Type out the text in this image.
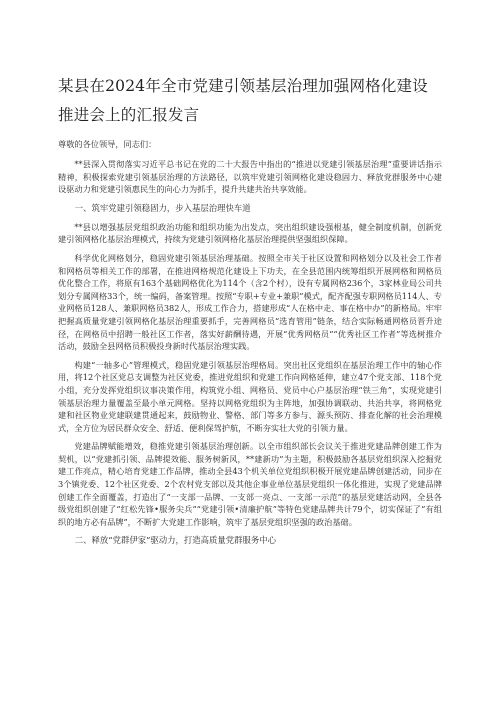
某县在2024年全市党建引领基层治理加强网格化建设推进会上的汇报发言

尊敬的各位领导，同志们：

**县深入贯彻落实习近平总书记在党的二十大报告中指出的“推进以党建引领基层治理”重要讲话指示精神，积极探索党建引领基层治理的方法路径，以筑牢党建引领网格化建设稳固力、释放党群服务中心建设驱动力和党建引领惠民生的向心力为抓手，提升共建共治共享效能。

一、筑牢党建引领稳固力，步入基层治理快车道

**县以增强基层党组织政治功能和组织功能为出发点，突出组织建设强根基，健全制度机制，创新党建引领网格化基层治理模式，持续为党建引领网格化基层治理提供坚强组织保障。

科学优化网格划分，稳固党建引领基层治理基础。按照全市关于社区设置和网格划分以及社会工作者和网格员等相关工作的部署，在推进网格规范化建设上下功夫，在全县范围内统筹组织开展网格和网格员优化整合工作，将原有163个基础网格优化为114个（含2个村），设有专属网格236个，3家林业局公司共划分专属网格33个，统一编码，备案管理。按照“专职+专业+兼职”模式，配齐配强专职网格员114人、专业网格员128人、兼职网格员382人，形成工作合力，搭建形成“人在格中走、事在格中办”的新格局。牢牢把握高质量党建引领网格化基层治理重要抓手，完善网格员“选育管用”链条，结合实际畅通网格员晋升途径，在网格员中招聘一般社区工作者，落实好薪酬待遇，开展“优秀网格员”“优秀社区工作者”等选树推介活动，鼓励全县网格员积极投身新时代基层治理实践。

构建“一轴多心”管理模式，稳固党建引领基层治理格局。突出社区党组织在基层治理工作中的轴心作用，将12个社区党总支调整为社区党委，推进党组织和党建工作向网格延伸，建立47个党支部、118个党小组，充分发挥党组织议事决策作用，构筑党小组、网格员、党员中心户基层治理“铁三角”，实现党建引领基层治理力量覆盖至最小单元网格。坚持以网格党组织为主阵地，加强协调联动、共治共享，将网格党建和社区物业党建联建贯通起来，鼓励物业、警格、部门等多方参与、源头预防、排查化解的社会治理模式，全方位为居民群众安全、舒适、便利保驾护航，不断夯实壮大党的引领力量。

党建品牌赋能增效，稳推党建引领基层治理创新。以全市组织部长会议关于推进党建品牌创建工作为契机，以“党建抓引领、品牌提效能、服务树新风，**建新功”为主题，积极鼓励各基层党组织深入挖掘党建工作亮点，精心培育党建工作品牌，推动全县43个机关单位党组织积极开展党建品牌创建活动，同步在3个镇党委、12个社区党委、2个农村党支部以及其他企事业单位基层党组织一体化推进，实现了党建品牌创建工作全面覆盖，打造出了“一支部一品牌、一支部一亮点、一支部一示范”的基层党建活动网，全县各级党组织创建了“红松先锋•服务尖兵”“党建引领•清廉护航”等特色党建品牌共计79个，切实保证了“有组织的地方必有品牌”，不断扩大党建工作影响，筑牢了基层党组织坚强的政治基础。

二、释放“党群伊家”驱动力，打造高质量党群服务中心
